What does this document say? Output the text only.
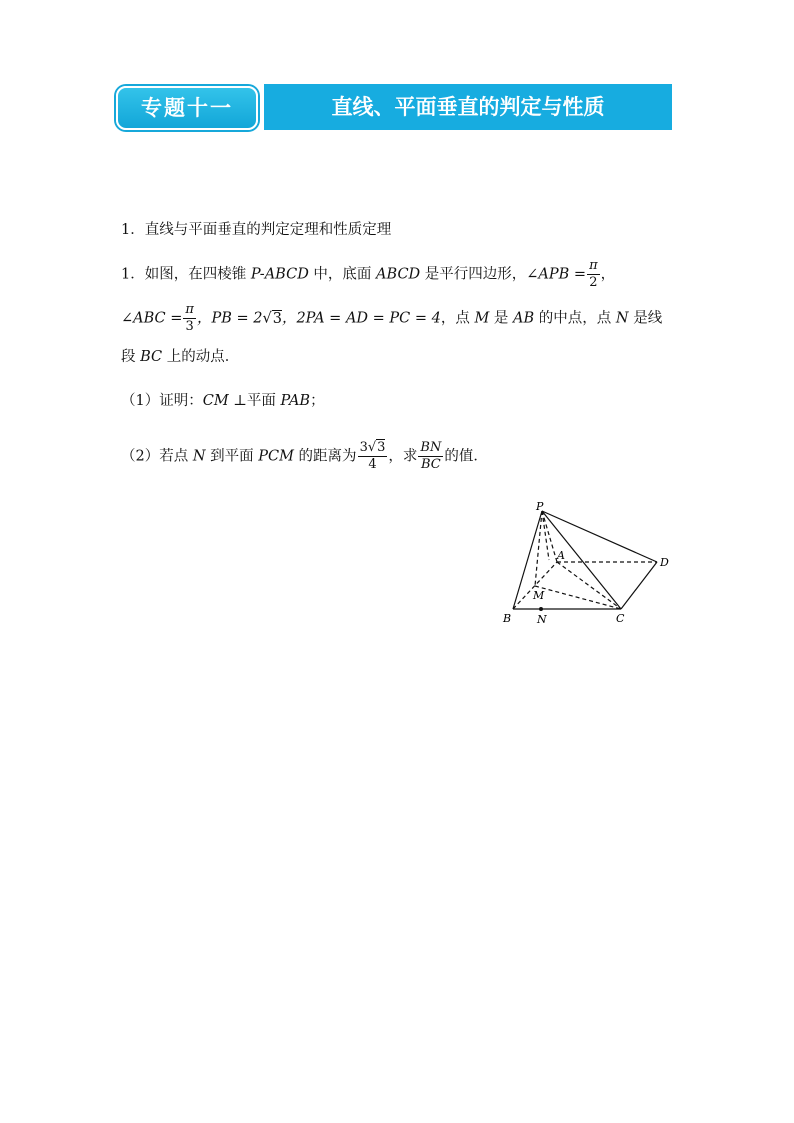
专题十一	直线、平面垂直的判定与性质
1．直线与平面垂直的判定定理和性质定理
1．如图，在四棱锥 P-ABCD 中，底面 ABCD 是平行四边形，∠APB = $\frac{\pi}{2}$ ，
∠ABC = $\frac{\pi}{3}$ ，PB = 2√3，2PA = AD = PC = 4，点 M 是 AB 的中点，点 N 是线
段 BC 上的动点．
（1）证明：CM ⊥平面 PAB；
（2）若点 N 到平面 PCM 的距离为 $\frac{3√3}{4}$ ，求 $\frac{BN}{BC}$ 的值．
P
A
D
M
B N	C
